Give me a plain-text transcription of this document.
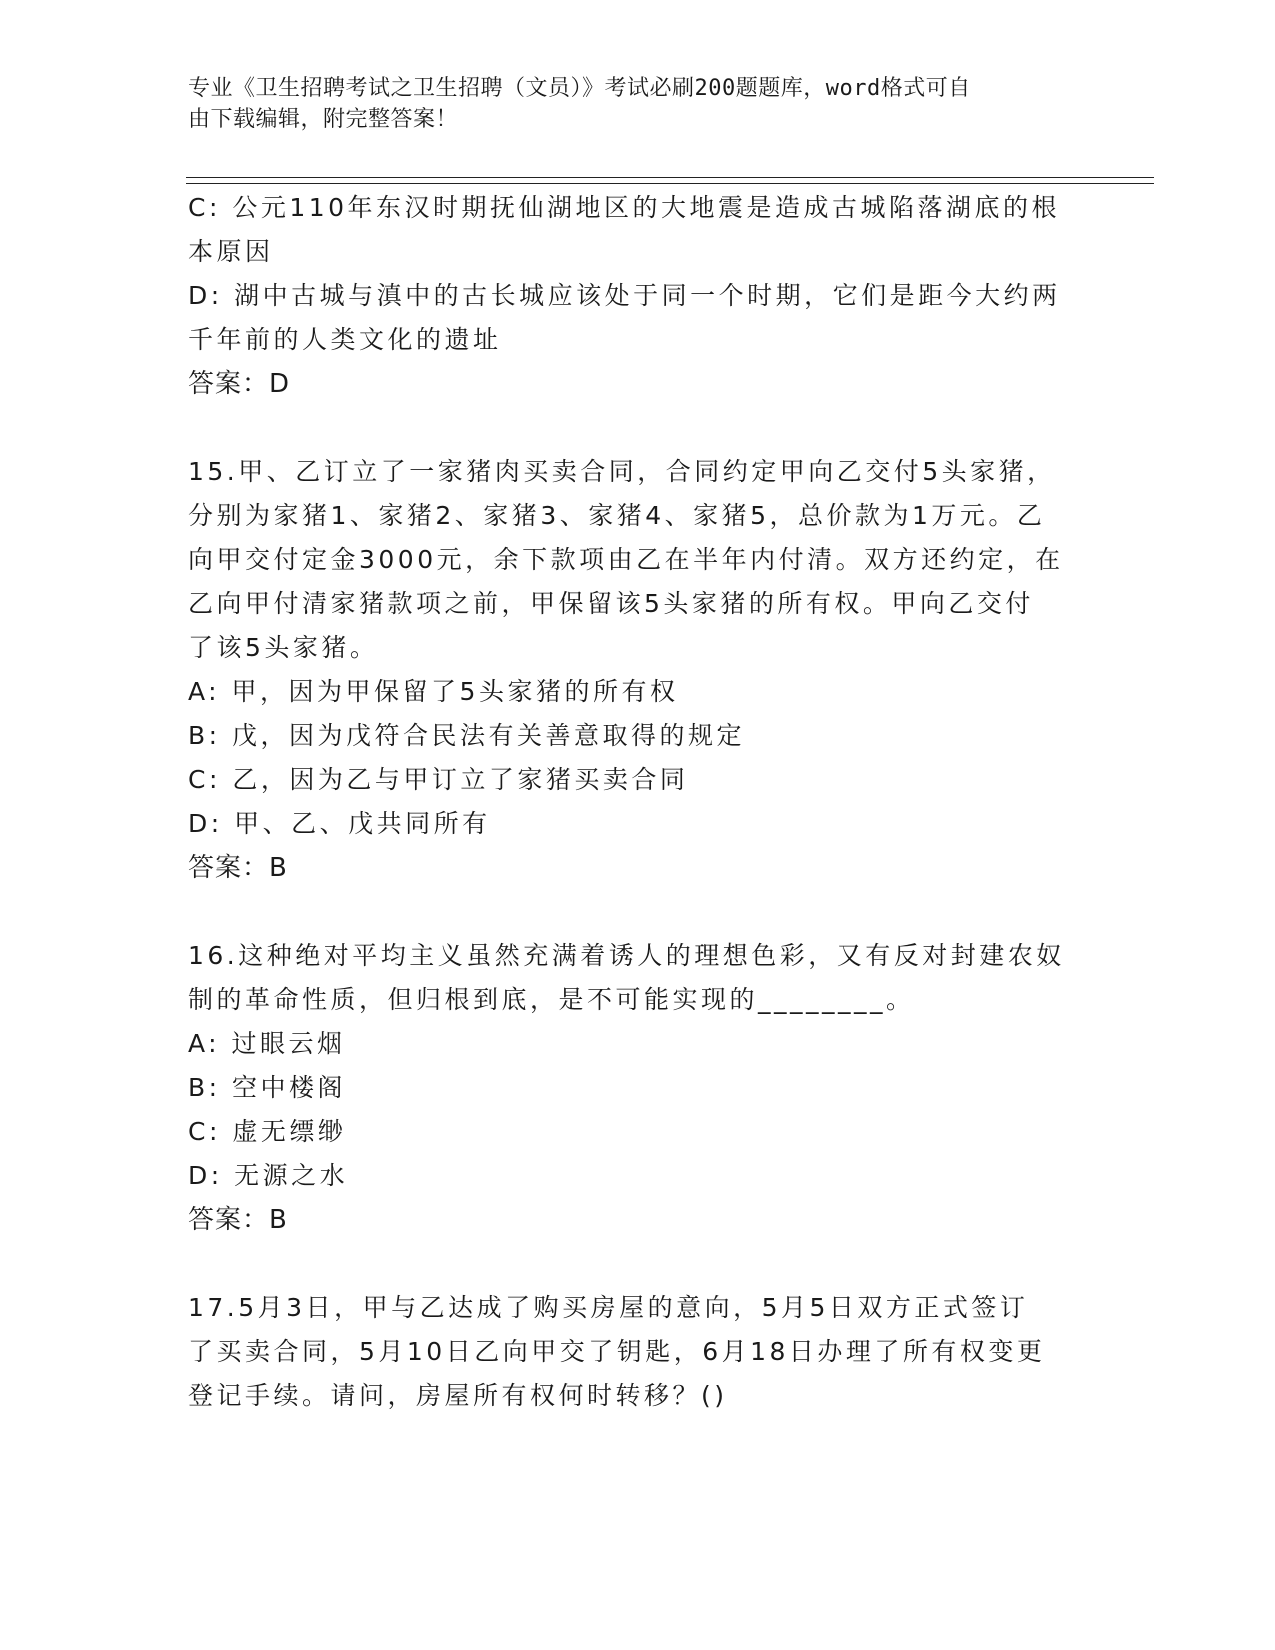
专业《卫生招聘考试之卫生招聘（文员）》考试必刷200题题库，word格式可自
由下载编辑，附完整答案！
C: 公元110年东汉时期抚仙湖地区的大地震是造成古城陷落湖底的根
本原因
D: 湖中古城与滇中的古长城应该处于同一个时期，它们是距今大约两
千年前的人类文化的遗址
答案：D
15.甲、乙订立了一家猪肉买卖合同，合同约定甲向乙交付5头家猪，
分别为家猪1、家猪2、家猪3、家猪4、家猪5，总价款为1万元。乙
向甲交付定金3000元，余下款项由乙在半年内付清。双方还约定，在
乙向甲付清家猪款项之前，甲保留该5头家猪的所有权。甲向乙交付
了该5头家猪。
A: 甲，因为甲保留了5头家猪的所有权
B: 戊，因为戊符合民法有关善意取得的规定
C: 乙，因为乙与甲订立了家猪买卖合同
D: 甲、乙、戊共同所有
答案：B
16.这种绝对平均主义虽然充满着诱人的理想色彩，又有反对封建农奴
制的革命性质，但归根到底，是不可能实现的________。
A: 过眼云烟
B: 空中楼阁
C: 虚无缥缈
D: 无源之水
答案：B
17.5月3日，甲与乙达成了购买房屋的意向，5月5日双方正式签订
了买卖合同，5月10日乙向甲交了钥匙，6月18日办理了所有权变更
登记手续。请问，房屋所有权何时转移？()
